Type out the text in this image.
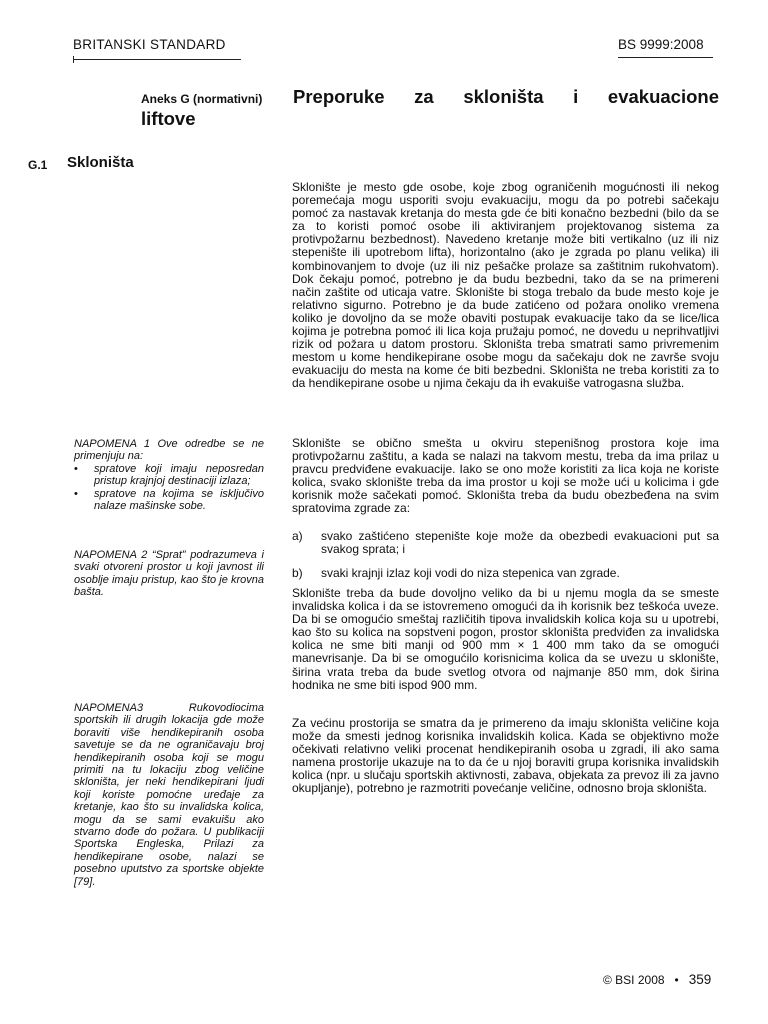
BRITANSKI STANDARD	BS 9999:2008
Aneks G (normativni) Preporuke za skloništa i evakuacione
liftove
G.1 Skloništa
Sklonište je mesto gde osobe, koje zbog ograničenih mogućnosti ili nekog poremećaja mogu usporiti svoju evakuaciju, mogu da po potrebi sačekaju pomoć za nastavak kretanja do mesta gde će biti konačno bezbedni (bilo da se za to koristi pomoć osobe ili aktiviranjem projektovanog sistema za protivpožarnu bezbednost). Navedeno kretanje može biti vertikalno (uz ili niz stepenište ili upotrebom lifta), horizontalno (ako je zgrada po planu velika) ili kombinovanjem to dvoje (uz ili niz pešačke prolaze sa zaštitnim rukohvatom). Dok čekaju pomoć, potrebno je da budu bezbedni, tako da se na primereni način zaštite od uticaja vatre. Sklonište bi stoga trebalo da bude mesto koje je relativno sigurno. Potrebno je da bude zatićeno od požara onoliko vremena koliko je dovoljno da se može obaviti postupak evakuacije tako da se lice/lica kojima je potrebna pomoć ili lica koja pružaju pomoć, ne dovedu u neprihvatljivi rizik od požara u datom prostoru. Skloništa treba smatrati samo privremenim mestom u kome hendikepirane osobe mogu da sačekaju dok ne završe svoju evakuaciju do mesta na kome će biti bezbedni. Skloništa ne treba koristiti za to da hendikepirane osobe u njima čekaju da ih evakuiše vatrogasna služba.
Sklonište se obično smešta u okviru stepenišnog prostora koje ima protivpožarnu zaštitu, a kada se nalazi na takvom mestu, treba da ima prilaz u pravcu predviđene evakuacije. Iako se ono može koristiti za lica koja ne koriste kolica, svako sklonište treba da ima prostor u koji se može ući u kolicima i gde korisnik može sačekati pomoć. Skloništa treba da budu obezbeđena na svim spratovima zgrade za:
a)	svako zaštićeno stepenište koje može da obezbedi evakuacioni put sa svakog sprata; i
b)	svaki krajnji izlaz koji vodi do niza stepenica van zgrade.
Sklonište treba da bude dovoljno veliko da bi u njemu mogla da se smeste invalidska kolica i da se istovremeno omogući da ih korisnik bez teškoća uveze. Da bi se omogućio smeštaj različitih tipova invalidskih kolica koja su u upotrebi, kao što su kolica na sopstveni pogon, prostor skloništa predviđen za invalidska kolica ne sme biti manji od 900 mm × 1 400 mm tako da se omogući manevrisanje. Da bi se omogućilo korisnicima kolica da se uvezu u sklonište, širina vrata treba da bude svetlog otvora od najmanje 850 mm, dok širina hodnika ne sme biti ispod 900 mm.
Za većinu prostorija se smatra da je primereno da imaju skloništa veličine koja može da smesti jednog korisnika invalidskih kolica. Kada se objektivno može očekivati relativno veliki procenat hendikepiranih osoba u zgradi, ili ako sama namena prostorije ukazuje na to da će u njoj boraviti grupa korisnika invalidskih kolica (npr. u slučaju sportskih aktivnosti, zabava, objekata za prevoz ili za javno okupljanje), potrebno je razmotriti povećanje veličine, odnosno broja skloništa.
NAPOMENA 1 Ove odredbe se ne primenjuju na:
• spratove koji imaju neposredan pristup krajnjoj destinaciji izlaza;
• spratove na kojima se isključivo nalaze mašinske sobe.
NAPOMENA 2 “Sprat” podrazumeva i svaki otvoreni prostor u koji javnost ili osoblje imaju pristup, kao što je krovna bašta.
NAPOMENA3 Rukovodiocima sportskih ili drugih lokacija gde može boraviti više hendikepiranih osoba savetuje se da ne ograničavaju broj hendikepiranih osoba koji se mogu primiti na tu lokaciju zbog veličine skloništa, jer neki hendikepirani ljudi koji koriste pomoćne uređaje za kretanje, kao što su invalidska kolica, mogu da se sami evakuišu ako stvarno dođe do požara. U publikaciji Sportska Engleska, Prilazi za hendikepirane osobe, nalazi se posebno uputstvo za sportske objekte [79].
© BSI 2008 • 359
